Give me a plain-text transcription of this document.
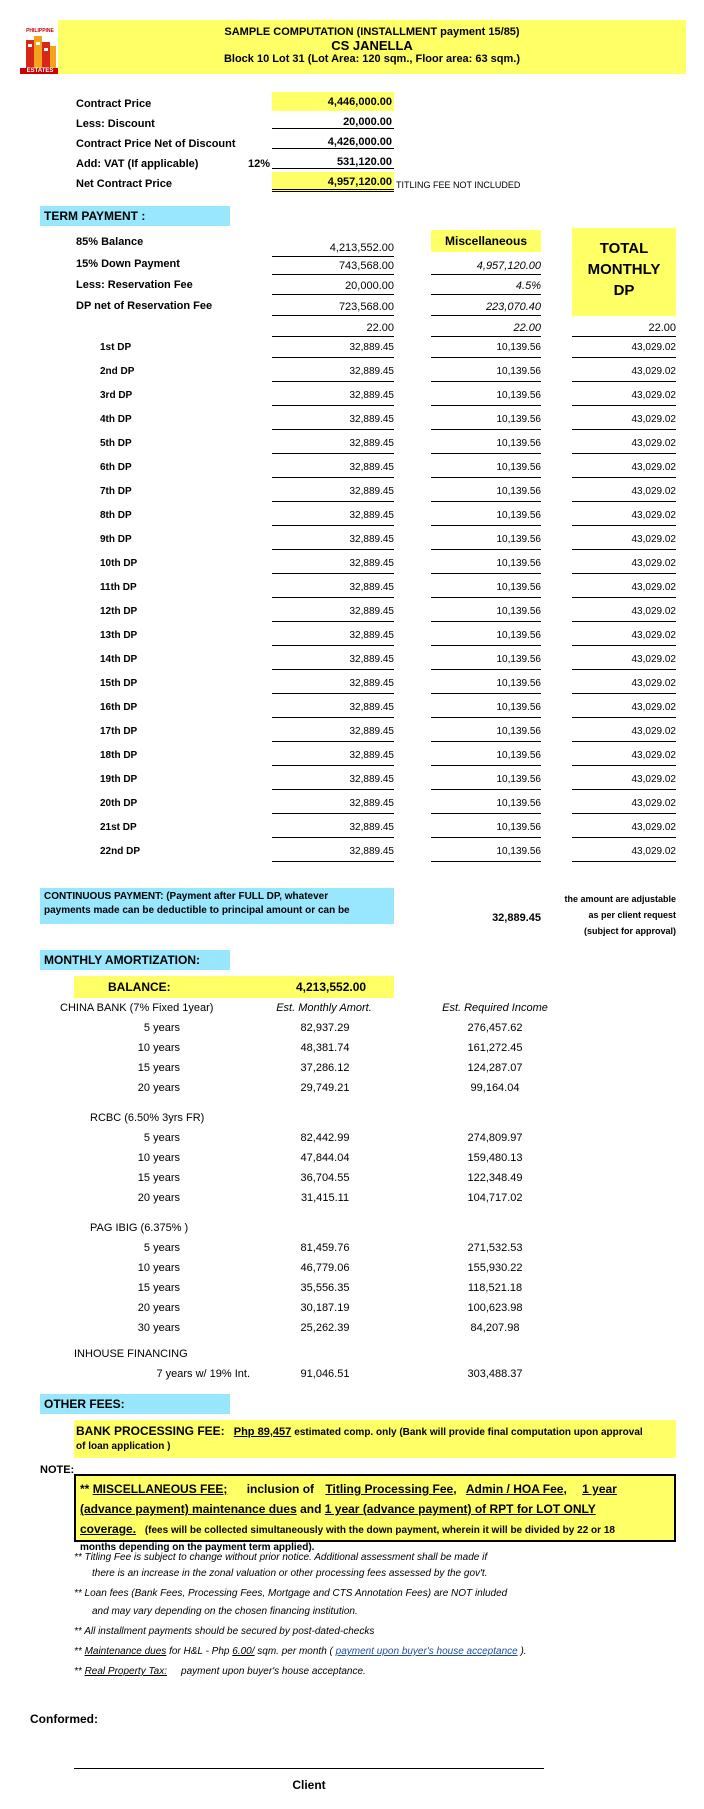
PHILIPPINE
ESTATES
SAMPLE COMPUTATION (INSTALLMENT payment 15/85)
CS JANELLA
Block 10 Lot 31 (Lot Area: 120 sqm., Floor area: 63 sqm.)
Contract Price	4,446,000.00
Less: Discount	20,000.00
Contract Price Net of Discount	4,426,000.00
Add: VAT (If applicable)	12%	531,120.00
Net Contract Price	4,957,120.00 TITLING FEE NOT INCLUDED
TERM PAYMENT :
85% Balance	4,213,552.00	Miscellaneous	TOTAL
MONTHLY
DP
15% Down Payment	743,568.00	4,957,120.00
Less: Reservation Fee	20,000.00	4.5%
DP net of Reservation Fee	723,568.00	223,070.40
22.00	22.00	22.00
1st DP	32,889.45	10,139.56	43,029.02
2nd DP	32,889.45	10,139.56	43,029.02
3rd DP	32,889.45	10,139.56	43,029.02
4th DP	32,889.45	10,139.56	43,029.02
5th DP	32,889.45	10,139.56	43,029.02
6th DP	32,889.45	10,139.56	43,029.02
7th DP	32,889.45	10,139.56	43,029.02
8th DP	32,889.45	10,139.56	43,029.02
9th DP	32,889.45	10,139.56	43,029.02
10th DP	32,889.45	10,139.56	43,029.02
11th DP	32,889.45	10,139.56	43,029.02
12th DP	32,889.45	10,139.56	43,029.02
13th DP	32,889.45	10,139.56	43,029.02
14th DP	32,889.45	10,139.56	43,029.02
15th DP	32,889.45	10,139.56	43,029.02
16th DP	32,889.45	10,139.56	43,029.02
17th DP	32,889.45	10,139.56	43,029.02
18th DP	32,889.45	10,139.56	43,029.02
19th DP	32,889.45	10,139.56	43,029.02
20th DP	32,889.45	10,139.56	43,029.02
21st DP	32,889.45	10,139.56	43,029.02
22nd DP	32,889.45	10,139.56	43,029.02
CONTINUOUS PAYMENT: (Payment after FULL DP, whatever
payments made can be deductible to principal amount or can be
32,889.45
the amount are adjustable
as per client request
(subject for approval)
MONTHLY AMORTIZATION:
BALANCE:	4,213,552.00
CHINA BANK (7% Fixed 1year)	Est. Monthly Amort.	Est. Required Income
5 years	82,937.29	276,457.62
10 years	48,381.74	161,272.45
15 years	37,286.12	124,287.07
20 years	29,749.21	99,164.04
RCBC (6.50% 3yrs FR)
5 years	82,442.99	274,809.97
10 years	47,844.04	159,480.13
15 years	36,704.55	122,348.49
20 years	31,415.11	104,717.02
PAG IBIG (6.375% )
5 years	81,459.76	271,532.53
10 years	46,779.06	155,930.22
15 years	35,556.35	118,521.18
20 years	30,187.19	100,623.98
30 years	25,262.39	84,207.98
INHOUSE FINANCING
7 years w/ 19% Int.	91,046.51	303,488.37
OTHER FEES:
BANK PROCESSING FEE: Php 89,457 estimated comp. only (Bank will provide final computation upon approval
of loan application )
NOTE:
** MISCELLANEOUS FEE; inclusion of Titling Processing Fee, Admin / HOA Fee, 1 year
(advance payment) maintenance dues and 1 year (advance payment) of RPT for LOT ONLY
coverage. (fees will be collected simultaneously with the down payment, wherein it will be divided by 22 or 18
months depending on the payment term applied).
** Titling Fee is subject to change without prior notice. Additional assessment shall be made if
there is an increase in the zonal valuation or other processing fees assessed by the gov't.
** Loan fees (Bank Fees, Processing Fees, Mortgage and CTS Annotation Fees) are NOT inluded
and may vary depending on the chosen financing institution.
** All installment payments should be secured by post-dated-checks
** Maintenance dues for H&L - Php 6.00/ sqm. per month ( payment upon buyer's house acceptance ).
** Real Property Tax: payment upon buyer's house acceptance.
Conformed:
Client
